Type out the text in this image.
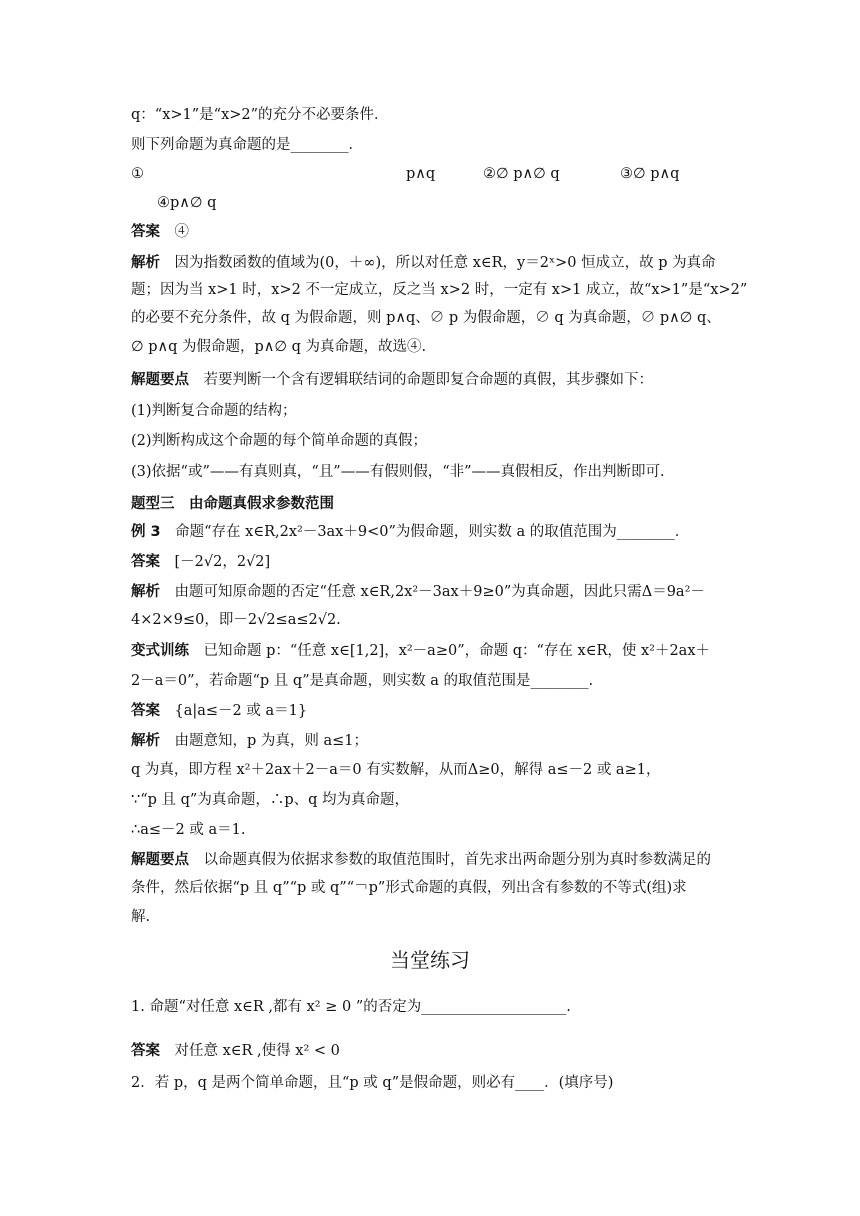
q：“x>1”是“x>2”的充分不必要条件．
则下列命题为真命题的是________．
①	p∧q	②∅ p∧∅ q	③∅ p∧q
④p∧∅ q
答案　 ④
解析　 因为指数函数的值域为(0，＋∞)，所以对任意 x∈R，y＝2ˣ>0 恒成立，故 p 为真命
题；因为当 x>1 时，x>2 不一定成立，反之当 x>2 时，一定有 x>1 成立，故“x>1”是“x>2”
的必要不充分条件，故 q 为假命题，则 p∧q、∅ p 为假命题，∅ q 为真命题，∅ p∧∅ q、
∅ p∧q 为假命题，p∧∅ q 为真命题，故选④.
解题要点　 若要判断一个含有逻辑联结词的命题即复合命题的真假，其步骤如下：
(1)判断复合命题的结构；
(2)判断构成这个命题的每个简单命题的真假；
(3)依据“或”——有真则真，“且”——有假则假，“非”——真假相反，作出判断即可.
题型三　由命题真假求参数范围
例 3　 命题“存在 x∈R,2x²－3ax＋9<0”为假命题，则实数 a 的取值范围为________．
答案　 [－2√2，2√2]
解析　 由题可知原命题的否定“任意 x∈R,2x²－3ax＋9≥0”为真命题，因此只需Δ＝9a²－
4×2×9≤0，即－2√2≤a≤2√2.
变式训练　 已知命题 p：“任意 x∈[1,2]，x²－a≥0”，命题 q：“存在 x∈R，使 x²＋2ax＋
2－a＝0”，若命题“p 且 q”是真命题，则实数 a 的取值范围是________.
答案　 {a|a≤－2 或 a＝1}
解析　 由题意知，p 为真，则 a≤1；
q 为真，即方程 x²＋2ax＋2－a＝0 有实数解，从而Δ≥0，解得 a≤－2 或 a≥1，
∵“p 且 q”为真命题，∴p、q 均为真命题，
∴a≤－2 或 a＝1.
解题要点　 以命题真假为依据求参数的取值范围时，首先求出两命题分别为真时参数满足的
条件，然后依据“p 且 q”“p 或 q”“￢p”形式命题的真假，列出含有参数的不等式(组)求
解.
当堂练习
1. 命题“对任意 x∈R ,都有 x² ≥ 0 ”的否定为____________________.
答案　 对任意 x∈R ,使得 x² < 0
2．若 p，q 是两个简单命题，且“p 或 q”是假命题，则必有____．(填序号)
